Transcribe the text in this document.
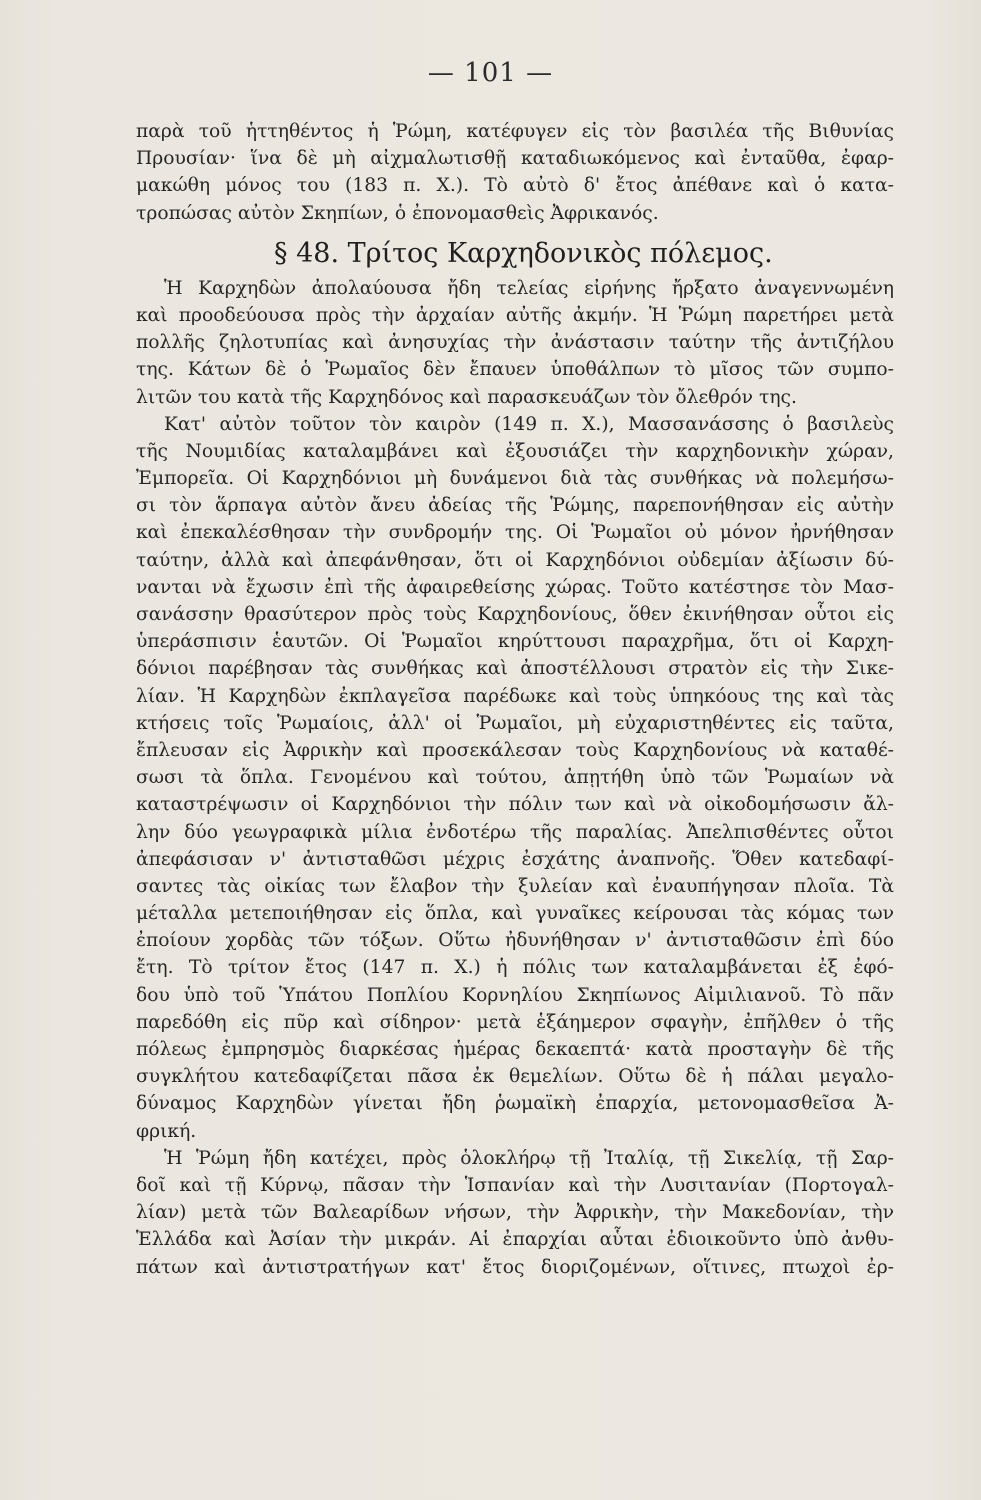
— 101 —
παρὰ τοῦ ἡττηθέντος ἡ Ῥώμη, κατέφυγεν εἰς τὸν βασιλέα τῆς Βιθυνίας
Προυσίαν· ἵνα δὲ μὴ αἰχμαλωτισθῇ καταδιωκόμενος καὶ ἐνταῦθα, ἐφαρ-
μακώθη μόνος του (183 π. Χ.). Τὸ αὐτὸ δ' ἔτος ἀπέθανε καὶ ὁ κατα-
τροπώσας αὐτὸν Σκηπίων, ὁ ἐπονομασθεὶς Ἀφρικανός.
§ 48. Τρίτος Καρχηδονικὸς πόλεμος.
Ἡ Καρχηδὼν ἀπολαύουσα ἤδη τελείας εἰρήνης ἤρξατο ἀναγεννωμένη
καὶ προοδεύουσα πρὸς τὴν ἀρχαίαν αὐτῆς ἀκμήν. Ἡ Ῥώμη παρετήρει μετὰ
πολλῆς ζηλοτυπίας καὶ ἀνησυχίας τὴν ἀνάστασιν ταύτην τῆς ἀντιζήλου
της. Κάτων δὲ ὁ Ῥωμαῖος δὲν ἔπαυεν ὑποθάλπων τὸ μῖσος τῶν συμπο-
λιτῶν του κατὰ τῆς Καρχηδόνος καὶ παρασκευάζων τὸν ὄλεθρόν της.
Κατ' αὐτὸν τοῦτον τὸν καιρὸν (149 π. Χ.), Μασσανάσσης ὁ βασιλεὺς
τῆς Νουμιδίας καταλαμβάνει καὶ ἐξουσιάζει τὴν καρχηδονικὴν χώραν,
Ἐμπορεῖα. Οἱ Καρχηδόνιοι μὴ δυνάμενοι διὰ τὰς συνθήκας νὰ πολεμήσω-
σι τὸν ἅρπαγα αὐτὸν ἄνευ ἀδείας τῆς Ῥώμης, παρεπονήθησαν εἰς αὐτὴν
καὶ ἐπεκαλέσθησαν τὴν συνδρομήν της. Οἱ Ῥωμαῖοι οὐ μόνον ἠρνήθησαν
ταύτην, ἀλλὰ καὶ ἀπεφάνθησαν, ὅτι οἱ Καρχηδόνιοι οὐδεμίαν ἀξίωσιν δύ-
νανται νὰ ἔχωσιν ἐπὶ τῆς ἀφαιρεθείσης χώρας. Τοῦτο κατέστησε τὸν Μασ-
σανάσσην θρασύτερον πρὸς τοὺς Καρχηδονίους, ὅθεν ἐκινήθησαν οὗτοι εἰς
ὑπεράσπισιν ἑαυτῶν. Οἱ Ῥωμαῖοι κηρύττουσι παραχρῆμα, ὅτι οἱ Καρχη-
δόνιοι παρέβησαν τὰς συνθήκας καὶ ἀποστέλλουσι στρατὸν εἰς τὴν Σικε-
λίαν. Ἡ Καρχηδὼν ἐκπλαγεῖσα παρέδωκε καὶ τοὺς ὑπηκόους της καὶ τὰς
κτήσεις τοῖς Ῥωμαίοις, ἀλλ' οἱ Ῥωμαῖοι, μὴ εὐχαριστηθέντες εἰς ταῦτα,
ἔπλευσαν εἰς Ἀφρικὴν καὶ προσεκάλεσαν τοὺς Καρχηδονίους νὰ καταθέ-
σωσι τὰ ὅπλα. Γενομένου καὶ τούτου, ἀπῃτήθη ὑπὸ τῶν Ῥωμαίων νὰ
καταστρέψωσιν οἱ Καρχηδόνιοι τὴν πόλιν των καὶ νὰ οἰκοδομήσωσιν ἄλ-
λην δύο γεωγραφικὰ μίλια ἐνδοτέρω τῆς παραλίας. Ἀπελπισθέντες οὗτοι
ἀπεφάσισαν ν' ἀντισταθῶσι μέχρις ἐσχάτης ἀναπνοῆς. Ὅθεν κατεδαφί-
σαντες τὰς οἰκίας των ἔλαβον τὴν ξυλείαν καὶ ἐναυπήγησαν πλοῖα. Τὰ
μέταλλα μετεποιήθησαν εἰς ὅπλα, καὶ γυναῖκες κείρουσαι τὰς κόμας των
ἐποίουν χορδὰς τῶν τόξων. Οὕτω ἠδυνήθησαν ν' ἀντισταθῶσιν ἐπὶ δύο
ἔτη. Τὸ τρίτον ἔτος (147 π. Χ.) ἡ πόλις των καταλαμβάνεται ἐξ ἐφό-
δου ὑπὸ τοῦ Ὑπάτου Ποπλίου Κορνηλίου Σκηπίωνος Αἰμιλιανοῦ. Τὸ πᾶν
παρεδόθη εἰς πῦρ καὶ σίδηρον· μετὰ ἑξάημερον σφαγὴν, ἐπῆλθεν ὁ τῆς
πόλεως ἐμπρησμὸς διαρκέσας ἡμέρας δεκαεπτά· κατὰ προσταγὴν δὲ τῆς
συγκλήτου κατεδαφίζεται πᾶσα ἐκ θεμελίων. Οὕτω δὲ ἡ πάλαι μεγαλο-
δύναμος Καρχηδὼν γίνεται ἤδη ῥωμαϊκὴ ἐπαρχία, μετονομασθεῖσα Ἀ-
φρική.
Ἡ Ῥώμη ἤδη κατέχει, πρὸς ὁλοκλήρῳ τῇ Ἰταλίᾳ, τῇ Σικελίᾳ, τῇ Σαρ-
δοῖ καὶ τῇ Κύρνῳ, πᾶσαν τὴν Ἱσπανίαν καὶ τὴν Λυσιτανίαν (Πορτογαλ-
λίαν) μετὰ τῶν Βαλεαρίδων νήσων, τὴν Ἀφρικὴν, τὴν Μακεδονίαν, τὴν
Ἑλλάδα καὶ Ἀσίαν τὴν μικράν. Αἱ ἐπαρχίαι αὗται ἐδιοικοῦντο ὑπὸ ἀνθυ-
πάτων καὶ ἀντιστρατήγων κατ' ἔτος διοριζομένων, οἵτινες, πτωχοὶ ἐρ-
